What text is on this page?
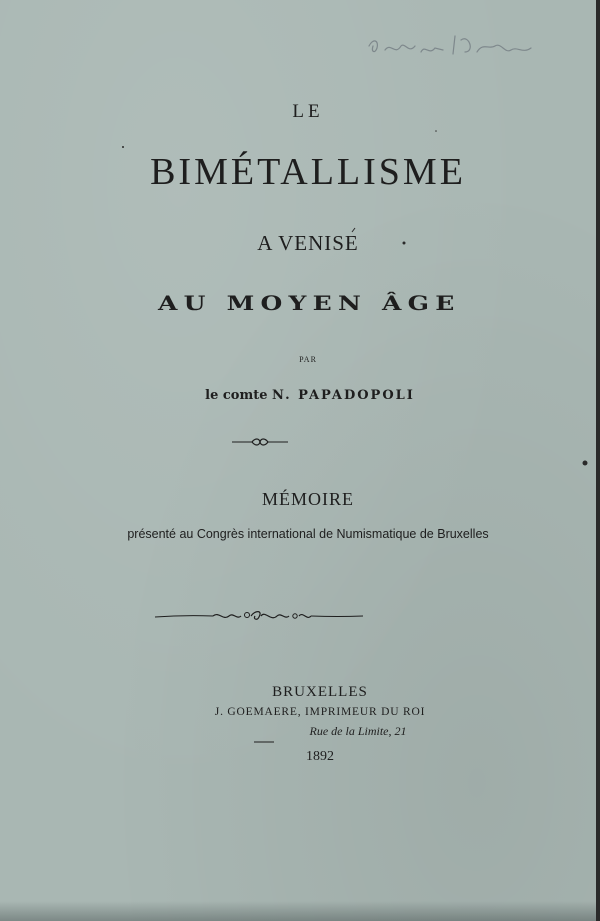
LE
BIMÉTALLISME
A VENISE
AU MOYEN ÂGE
PAR
le comte N. PAPADOPOLI
MÉMOIRE
présenté au Congrès international de Numismatique de Bruxelles
BRUXELLES
J. GOEMAERE, IMPRIMEUR DU ROI
Rue de la Limite, 21
1892
